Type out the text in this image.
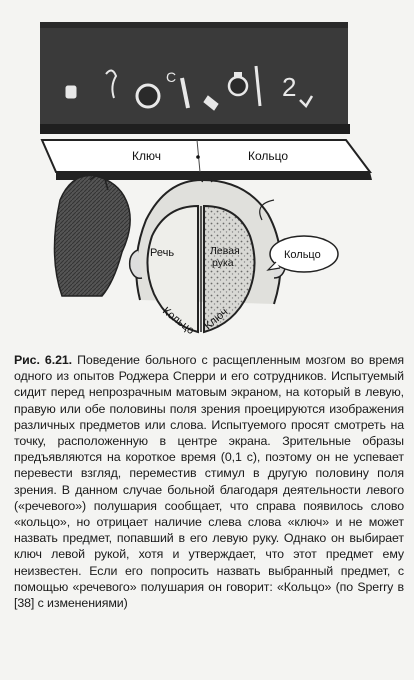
C	2
Ключ	Кольцо
Речь
Кольцо
Левая
рука
Ключ
Кольцо
Рис. 6.21. Поведение больного с расщепленным мозгом во время одного из опытов Роджера Сперри и его сотрудников. Испытуемый сидит перед непрозрачным матовым экраном, на который в левую, правую или обе половины поля зрения проецируются изображения различных предметов или слова. Испытуемого просят смотреть на точку, расположенную в центре экрана. Зрительные образы предъявляются на короткое время (0,1 с), поэтому он не успевает перевести взгляд, переместив стимул в другую половину поля зрения. В данном случае больной благодаря деятельности левого («речевого») полушария сообщает, что справа появилось слово «кольцо», но отрицает наличие слева слова «ключ» и не может назвать предмет, попавший в его левую руку. Однако он выбирает ключ левой рукой, хотя и утверждает, что этот предмет ему неизвестен. Если его попросить назвать выбранный предмет, с помощью «речевого» полушария он говорит: «Кольцо» (по Sperry в [38] с изменениями)
